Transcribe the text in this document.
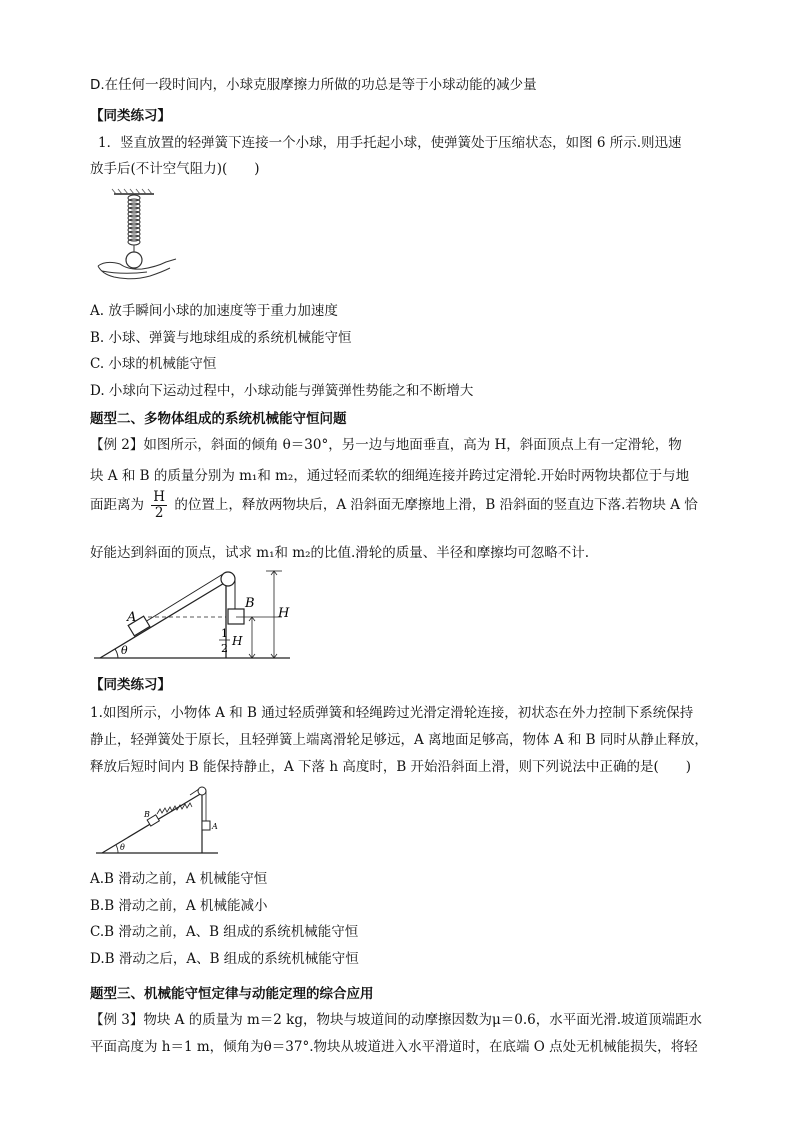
D.在任何一段时间内，小球克服摩擦力所做的功总是等于小球动能的减少量
【同类练习】
1．竖直放置的轻弹簧下连接一个小球，用手托起小球，使弹簧处于压缩状态，如图 6 所示.则迅速
放手后(不计空气阻力)(　　)
A. 放手瞬间小球的加速度等于重力加速度
B. 小球、弹簧与地球组成的系统机械能守恒
C. 小球的机械能守恒
D. 小球向下运动过程中，小球动能与弹簧弹性势能之和不断增大
题型二、多物体组成的系统机械能守恒问题
【例 2】如图所示，斜面的倾角 θ＝30°，另一边与地面垂直，高为 H，斜面顶点上有一定滑轮，物
块 A 和 B 的质量分别为 m₁和 m₂，通过轻而柔软的细绳连接并跨过定滑轮.开始时两物块都位于与地
面距离为 $\frac{H}{2}$ 的位置上，释放两物块后，A 沿斜面无摩擦地上滑，B 沿斜面的竖直边下落.若物块 A 恰
好能达到斜面的顶点，试求 m₁和 m₂的比值.滑轮的质量、半径和摩擦均可忽略不计.
θ
A
B
H
1
2
H
【同类练习】
1.如图所示，小物体 A 和 B 通过轻质弹簧和轻绳跨过光滑定滑轮连接，初状态在外力控制下系统保持
静止，轻弹簧处于原长，且轻弹簧上端离滑轮足够远，A 离地面足够高，物体 A 和 B 同时从静止释放，
释放后短时间内 B 能保持静止，A 下落 h 高度时，B 开始沿斜面上滑，则下列说法中正确的是(　　)
θ
B
A
A.B 滑动之前，A 机械能守恒
B.B 滑动之前，A 机械能减小
C.B 滑动之前，A、B 组成的系统机械能守恒
D.B 滑动之后，A、B 组成的系统机械能守恒
题型三、机械能守恒定律与动能定理的综合应用
【例 3】物块 A 的质量为 m＝2 kg，物块与坡道间的动摩擦因数为μ＝0.6，水平面光滑.坡道顶端距水
平面高度为 h＝1 m，倾角为θ＝37°.物块从坡道进入水平滑道时，在底端 O 点处无机械能损失，将轻
